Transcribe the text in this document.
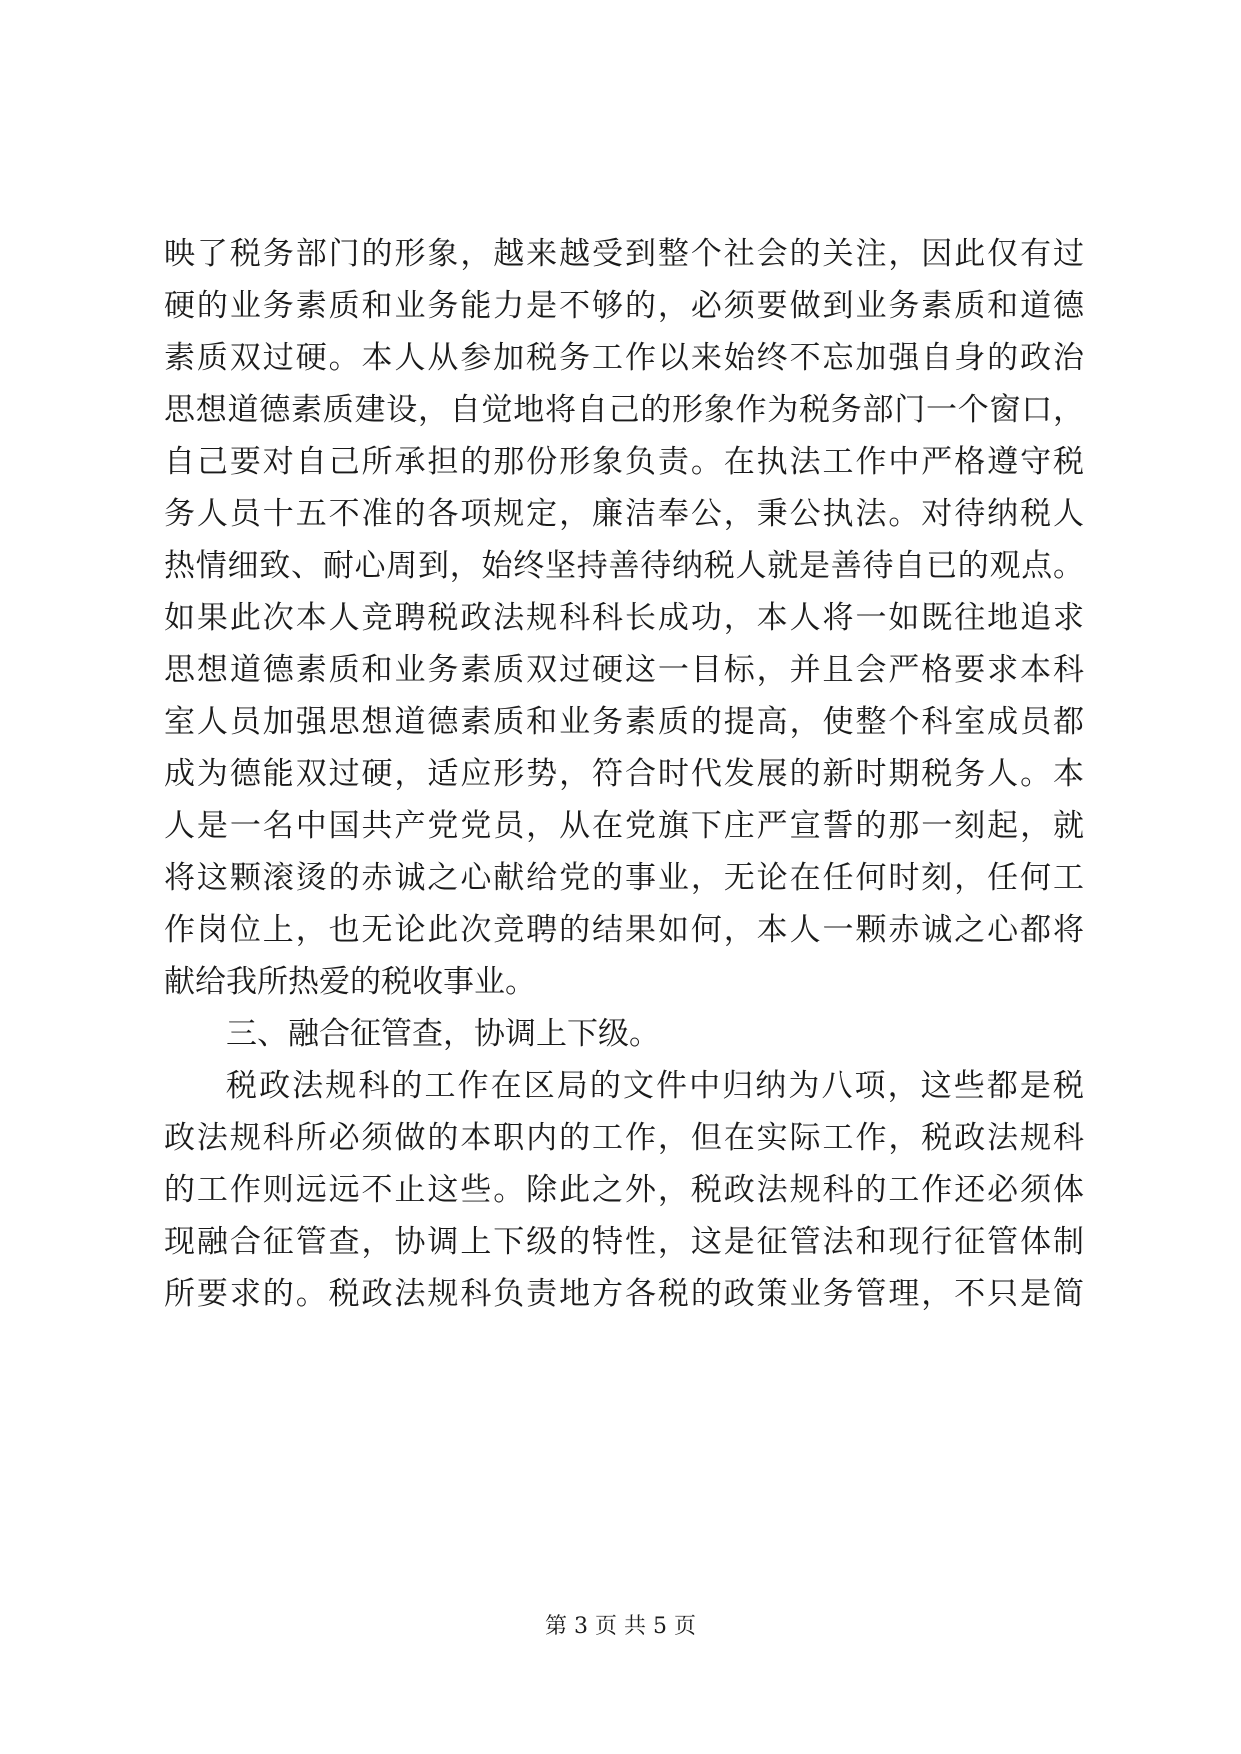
映了税务部门的形象，越来越受到整个社会的关注，因此仅有过
硬的业务素质和业务能力是不够的，必须要做到业务素质和道德
素质双过硬。本人从参加税务工作以来始终不忘加强自身的政治
思想道德素质建设，自觉地将自己的形象作为税务部门一个窗口，
自己要对自己所承担的那份形象负责。在执法工作中严格遵守税
务人员十五不准的各项规定，廉洁奉公，秉公执法。对待纳税人
热情细致、耐心周到，始终坚持善待纳税人就是善待自已的观点。
如果此次本人竞聘税政法规科科长成功，本人将一如既往地追求
思想道德素质和业务素质双过硬这一目标，并且会严格要求本科
室人员加强思想道德素质和业务素质的提高，使整个科室成员都
成为德能双过硬，适应形势，符合时代发展的新时期税务人。本
人是一名中国共产党党员，从在党旗下庄严宣誓的那一刻起，就
将这颗滚烫的赤诚之心献给党的事业，无论在任何时刻，任何工
作岗位上，也无论此次竞聘的结果如何，本人一颗赤诚之心都将
献给我所热爱的税收事业。
三、融合征管查，协调上下级。
税政法规科的工作在区局的文件中归纳为八项，这些都是税
政法规科所必须做的本职内的工作，但在实际工作，税政法规科
的工作则远远不止这些。除此之外，税政法规科的工作还必须体
现融合征管查，协调上下级的特性，这是征管法和现行征管体制
所要求的。税政法规科负责地方各税的政策业务管理，不只是简
第 3 页 共 5 页
